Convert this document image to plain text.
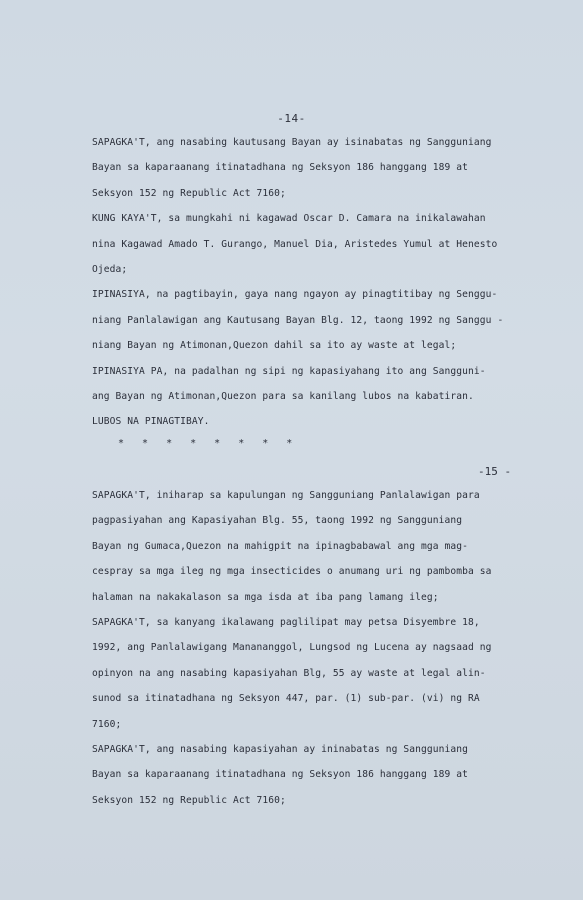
-14-
SAPAGKA'T, ang nasabing kautusang Bayan ay isinabatas ng Sangguniang
Bayan sa kaparaanang itinatadhana ng Seksyon 186 hanggang 189 at
Seksyon 152 ng Republic Act 7160;
KUNG KAYA'T, sa mungkahi ni kagawad Oscar D. Camara na inikalawahan
nina Kagawad Amado T. Gurango, Manuel Dia, Aristedes Yumul at Henesto
Ojeda;
IPINASIYA, na pagtibayin, gaya nang ngayon ay pinagtitibay ng Senggu-
niang Panlalawigan ang Kautusang Bayan Blg. 12, taong 1992 ng Sanggu -
niang Bayan ng Atimonan,Quezon dahil sa ito ay waste at legal;
IPINASIYA PA, na padalhan ng sipi ng kapasiyahang ito ang Sangguni-
ang Bayan ng Atimonan,Quezon para sa kanilang lubos na kabatiran.
LUBOS NA PINAGTIBAY.
* * * * * * * *
-15 -
SAPAGKA'T, iniharap sa kapulungan ng Sangguniang Panlalawigan para
pagpasiyahan ang Kapasiyahan Blg. 55, taong 1992 ng Sangguniang
Bayan ng Gumaca,Quezon na mahigpit na ipinagbabawal ang mga mag-
cespray sa mga ileg ng mga insecticides o anumang uri ng pambomba sa
halaman na nakakalason sa mga isda at iba pang lamang ileg;
SAPAGKA'T, sa kanyang ikalawang paglilipat may petsa Disyembre 18,
1992, ang Panlalawigang Manananggol, Lungsod ng Lucena ay nagsaad ng
opinyon na ang nasabing kapasiyahan Blg, 55 ay waste at legal alin-
sunod sa itinatadhana ng Seksyon 447, par. (1) sub-par. (vi) ng RA
7160;
SAPAGKA'T, ang nasabing kapasiyahan ay ininabatas ng Sangguniang
Bayan sa kaparaanang itinatadhana ng Seksyon 186 hanggang 189 at
Seksyon 152 ng Republic Act 7160;
